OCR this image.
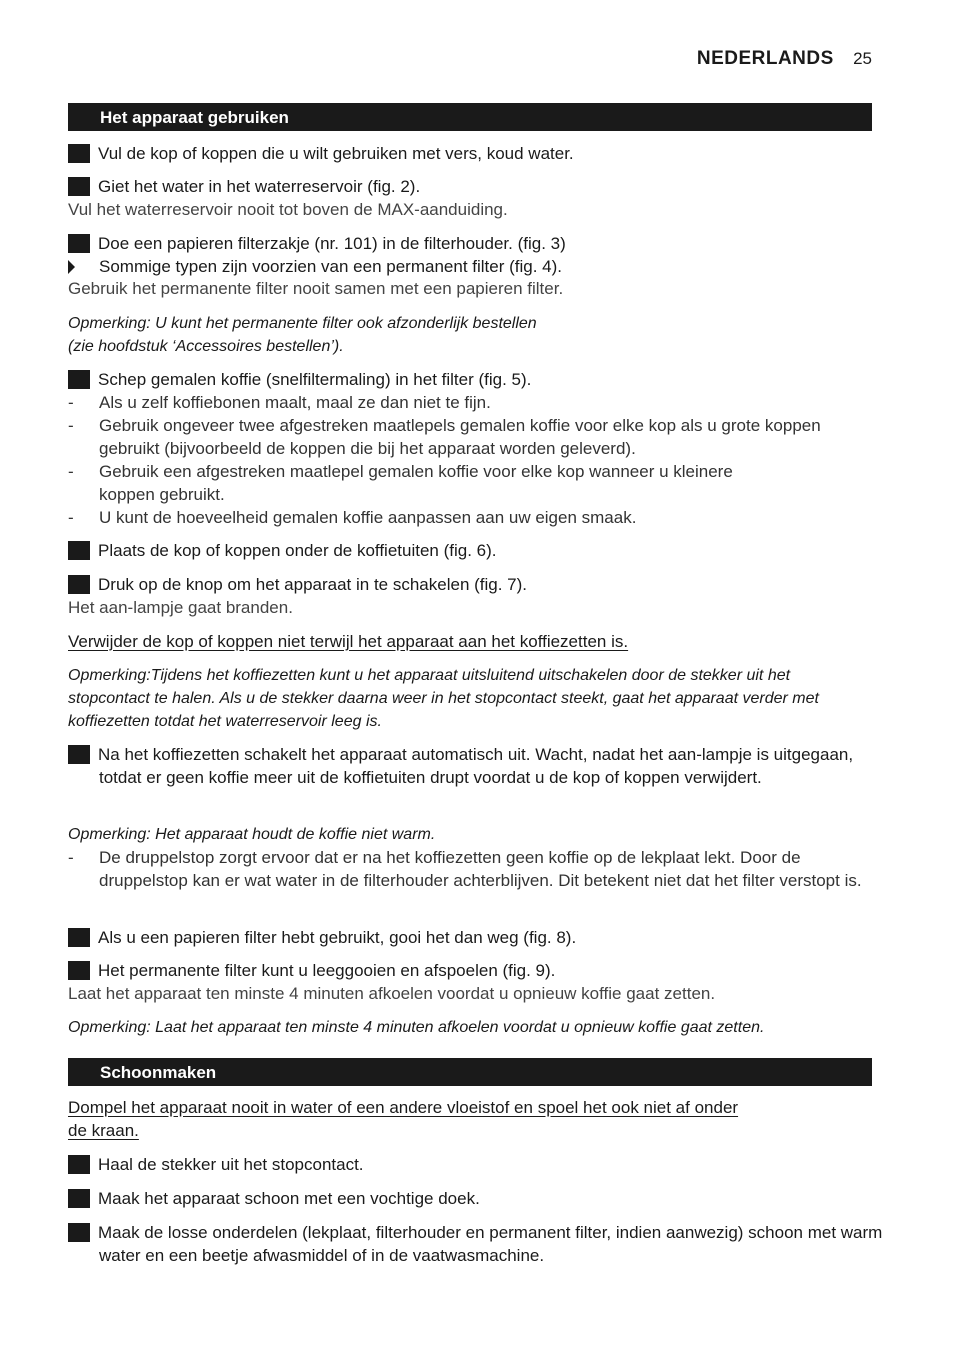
NEDERLANDS 25
Het apparaat gebruiken
1 Vul de kop of koppen die u wilt gebruiken met vers, koud water.
2 Giet het water in het waterreservoir (fig. 2).
Vul het waterreservoir nooit tot boven de MAX-aanduiding.
3 Doe een papieren filterzakje (nr. 101) in de filterhouder. (fig. 3)
Sommige typen zijn voorzien van een permanent filter (fig. 4).
Gebruik het permanente filter nooit samen met een papieren filter.
Opmerking: U kunt het permanente filter ook afzonderlijk bestellen
(zie hoofdstuk ‘Accessoires bestellen’).
4 Schep gemalen koffie (snelfiltermaling) in het filter (fig. 5).
- Als u zelf koffiebonen maalt, maal ze dan niet te fijn.
- Gebruik ongeveer twee afgestreken maatlepels gemalen koffie voor elke kop als u grote koppen gebruikt (bijvoorbeeld de koppen die bij het apparaat worden geleverd).
- Gebruik een afgestreken maatlepel gemalen koffie voor elke kop wanneer u kleinere koppen gebruikt.
- U kunt de hoeveelheid gemalen koffie aanpassen aan uw eigen smaak.
5 Plaats de kop of koppen onder de koffietuiten (fig. 6).
6 Druk op de knop om het apparaat in te schakelen (fig. 7).
Het aan-lampje gaat branden.
Verwijder de kop of koppen niet terwijl het apparaat aan het koffiezetten is.
Opmerking:Tijdens het koffiezetten kunt u het apparaat uitsluitend uitschakelen door de stekker uit het stopcontact te halen. Als u de stekker daarna weer in het stopcontact steekt, gaat het apparaat verder met koffiezetten totdat het waterreservoir leeg is.
7 Na het koffiezetten schakelt het apparaat automatisch uit. Wacht, nadat het aan-lampje is uitgegaan, totdat er geen koffie meer uit de koffietuiten drupt voordat u de kop of koppen verwijdert.
Opmerking: Het apparaat houdt de koffie niet warm.
- De druppelstop zorgt ervoor dat er na het koffiezetten geen koffie op de lekplaat lekt. Door de druppelstop kan er wat water in de filterhouder achterblijven. Dit betekent niet dat het filter verstopt is.
8 Als u een papieren filter hebt gebruikt, gooi het dan weg (fig. 8).
9 Het permanente filter kunt u leeggooien en afspoelen (fig. 9).
Laat het apparaat ten minste 4 minuten afkoelen voordat u opnieuw koffie gaat zetten.
Opmerking: Laat het apparaat ten minste 4 minuten afkoelen voordat u opnieuw koffie gaat zetten.
Schoonmaken
Dompel het apparaat nooit in water of een andere vloeistof en spoel het ook niet af onder
de kraan.
1 Haal de stekker uit het stopcontact.
2 Maak het apparaat schoon met een vochtige doek.
3 Maak de losse onderdelen (lekplaat, filterhouder en permanent filter, indien aanwezig) schoon met warm water en een beetje afwasmiddel of in de vaatwasmachine.
